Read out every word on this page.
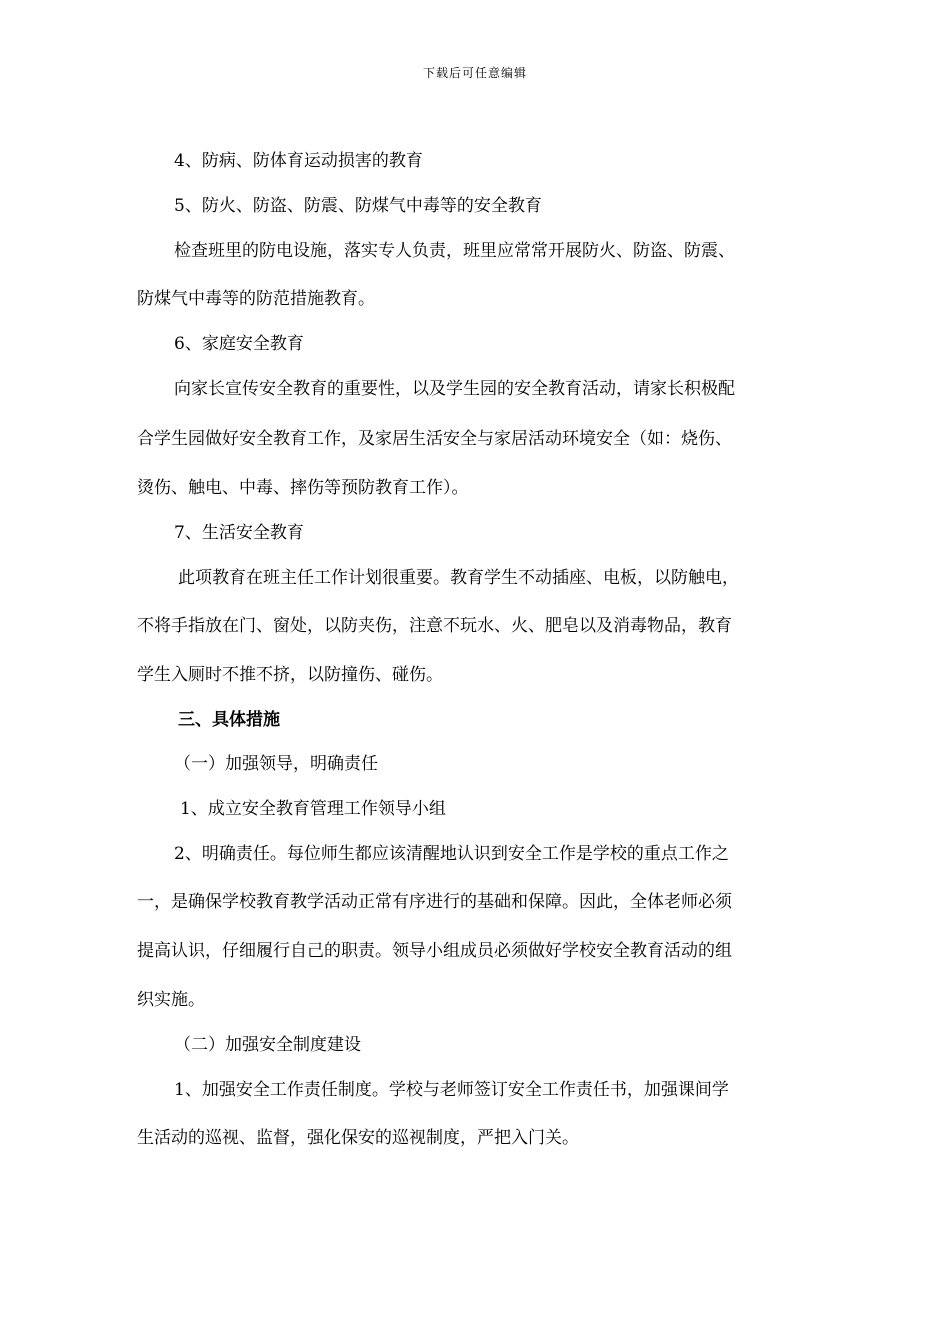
下载后可任意编辑
4、防病、防体育运动损害的教育
5、防火、防盗、防震、防煤气中毒等的安全教育
检查班里的防电设施，落实专人负责，班里应常常开展防火、防盗、防震、
防煤气中毒等的防范措施教育。
6、家庭安全教育
向家长宣传安全教育的重要性，以及学生园的安全教育活动，请家长积极配
合学生园做好安全教育工作，及家居生活安全与家居活动环境安全（如：烧伤、
烫伤、触电、中毒、摔伤等预防教育工作）。
7、生活安全教育
此项教育在班主任工作计划很重要。教育学生不动插座、电板，以防触电，
不将手指放在门、窗处，以防夹伤，注意不玩水、火、肥皂以及消毒物品，教育
学生入厕时不推不挤，以防撞伤、碰伤。
三、具体措施
（一）加强领导，明确责任
1、成立安全教育管理工作领导小组
2、明确责任。每位师生都应该清醒地认识到安全工作是学校的重点工作之
一，是确保学校教育教学活动正常有序进行的基础和保障。因此，全体老师必须
提高认识，仔细履行自己的职责。领导小组成员必须做好学校安全教育活动的组
织实施。
（二）加强安全制度建设
1、加强安全工作责任制度。学校与老师签订安全工作责任书，加强课间学
生活动的巡视、监督，强化保安的巡视制度，严把入门关。
